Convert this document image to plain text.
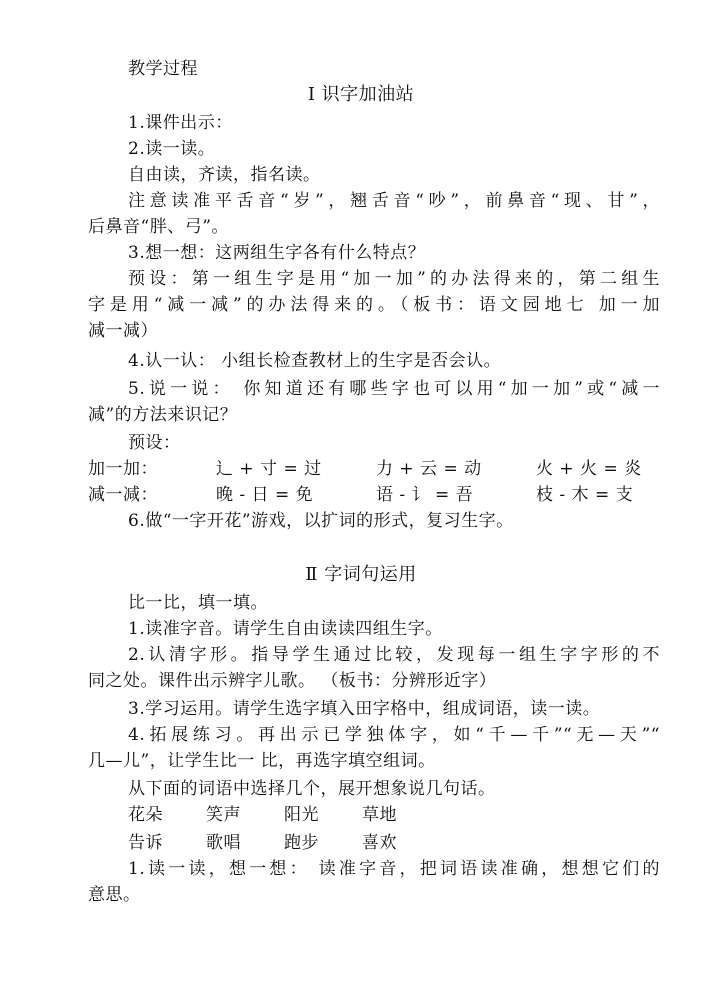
教学过程
Ⅰ 识字加油站
1.课件出示：
2.读一读。
自由读，齐读，指名读。
注意读准平舌音“岁”，翘舌音“吵”，前鼻音“现、甘”，
后鼻音“胖、弓”。
3.想一想：这两组生字各有什么特点？
预设：第一组生字是用“加一加”的办法得来的，第二组生
字是用“减一减”的办法得来的。（板书：语文园地七 加一加
减一减）
4.认一认： 小组长检查教材上的生字是否会认。
5.说一说： 你知道还有哪些字也可以用“加一加”或“减一
减”的方法来识记？
预设：
加一加：	辶 + 寸 = 过	力 + 云 = 动	火 + 火 = 炎
减一减：	晚 - 日 = 免	语 - 讠 = 吾	枝 - 木 = 支
6.做“一字开花”游戏，以扩词的形式，复习生字。
Ⅱ 字词句运用
比一比，填一填。
1.读准字音。请学生自由读读四组生字。
2.认清字形。指导学生通过比较，发现每一组生字字形的不
同之处。课件出示辨字儿歌。 （板书：分辨形近字）
3.学习运用。请学生选字填入田字格中，组成词语，读一读。
4.拓展练习。再出示已学独体字，如“千—千”“无—天”“
几—儿”，让学生比一 比，再选字填空组词。
从下面的词语中选择几个，展开想象说几句话。
花朵	笑声	阳光	草地
告诉	歌唱	跑步	喜欢
1.读一读，想一想： 读准字音，把词语读准确，想想它们的
意思。
